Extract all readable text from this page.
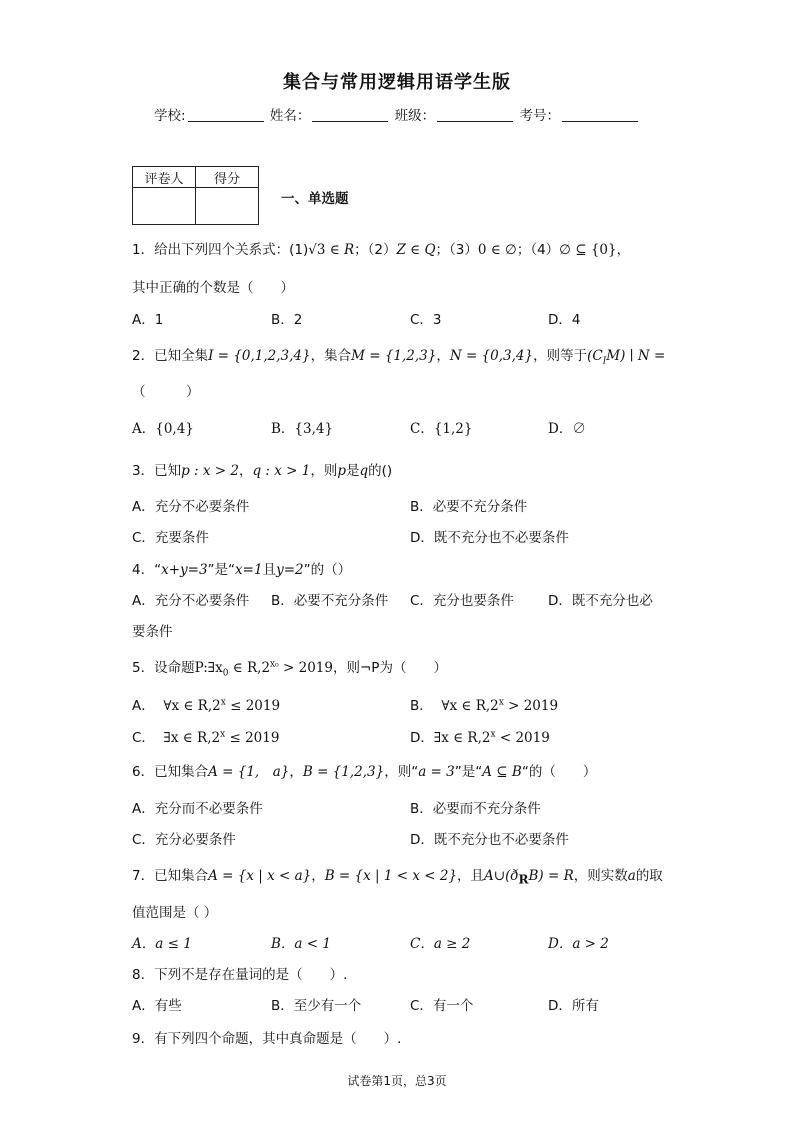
集合与常用逻辑用语学生版
学校:	姓名：	班级：	考号：
评卷人	得分

一、单选题
1．给出下列四个关系式：(1)√3 ∈ R；（2）Z ∈ Q；（3）0 ∈ ∅；（4）∅ ⊆ {0}，
其中正确的个数是（　　）
A．1	B．2	C．3	D．4
2．已知全集I = {0,1,2,3,4}，集合M = {1,2,3}，N = {0,3,4}，则等于$(C_IM)$ ∣ N =
（　　　）
A．{0,4}	B．{3,4}	C．{1,2}	D．∅
3．已知p : x > 2，q : x > 1，则p是q的()
A．充分不必要条件	B．必要不充分条件
C．充要条件	D．既不充分也不必要条件
4．“x+y=3”是“x=1且y=2”的（）
A．充分不必要条件 B．必要不充分条件 C．充分也要条件	D．既不充分也必
要条件
5．设命题$P:\exists x_0$ ∈ $R,2^{x_0} > 2019$，则¬P为（　　）
A． ∀x ∈ $R,2^x \le 2019$	B． ∀x ∈ $R,2^x > 2019$
C． ∃x ∈ $R,2^x \le 2019$	D．∃x ∈ $R,2^x < 2019$
6．已知集合A = {1,　a}，B = {1,2,3}，则“a = 3”是“A ⊆ B“的（　　）
A．充分而不必要条件	B．必要而不充分条件
C．充分必要条件	D．既不充分也不必要条件
7．已知集合A = {x | x < a}，B = {x | 1 < x < 2}，且$A\cup(ð_RB) = R$，则实数a的取
值范围是（ ）
A．a ≤ 1	B．a < 1	C．a ≥ 2	D．a > 2
8．下列不是存在量词的是（　　）.
A．有些	B．至少有一个	C．有一个	D．所有
9．有下列四个命题，其中真命题是（　　）.
试卷第1页，总3页
